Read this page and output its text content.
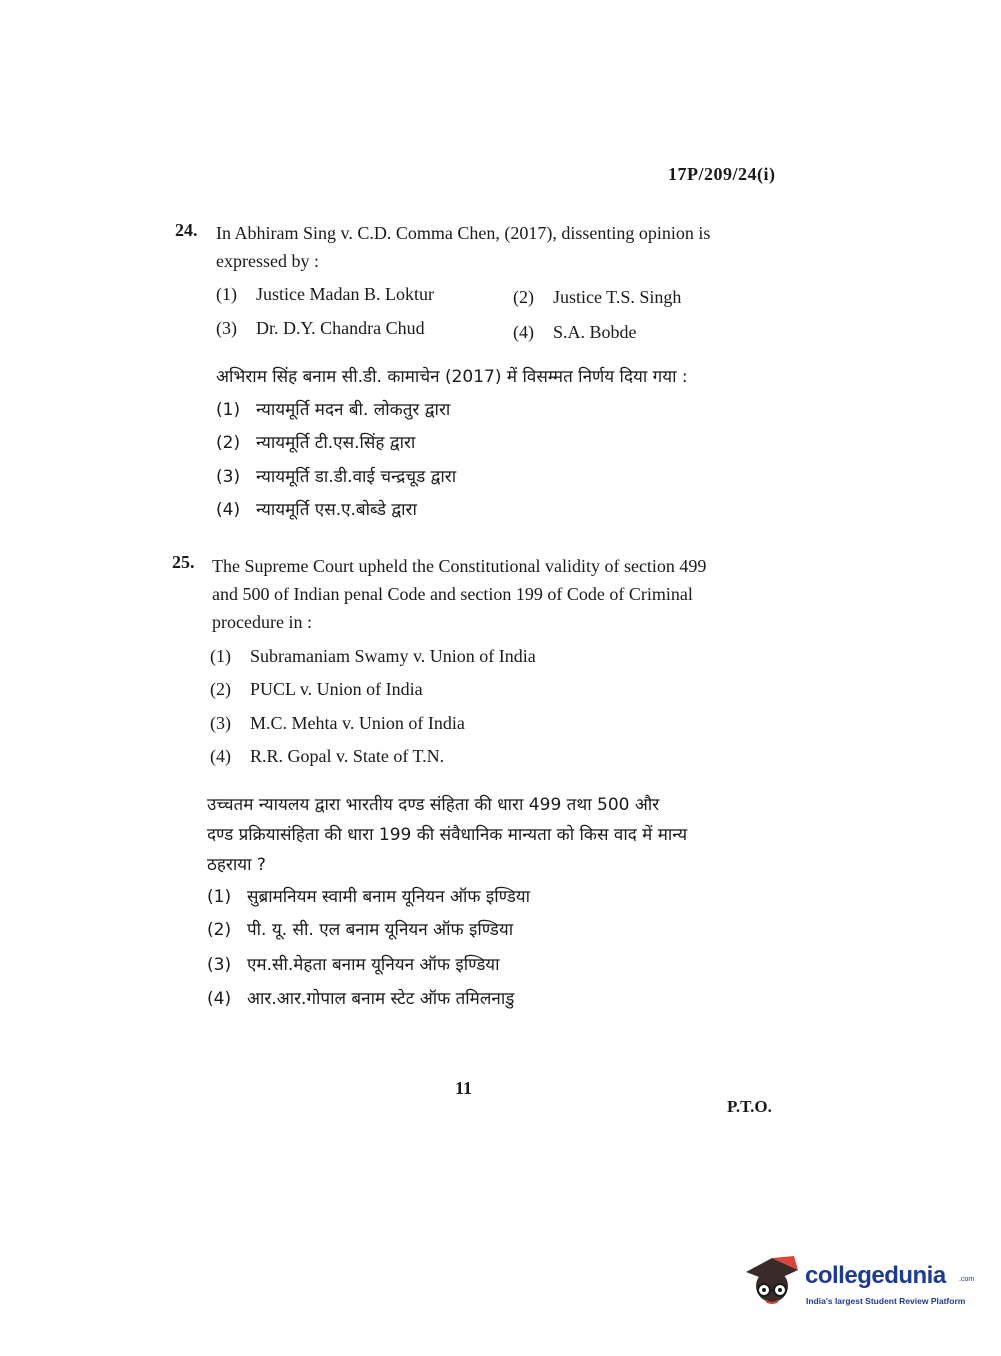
17P/209/24(i)
24. In Abhiram Sing v. C.D. Comma Chen, (2017), dissenting opinion is
expressed by :
(1) Justice Madan B. Loktur	(2) Justice T.S. Singh
(3) Dr. D.Y. Chandra Chud	(4) S.A. Bobde
अभिराम सिंह बनाम सी.डी. कामाचेन (2017) में विसम्मत निर्णय दिया गया :
(1) न्यायमूर्ति मदन बी. लोकतुर द्वारा
(2) न्यायमूर्ति टी.एस.सिंह द्वारा
(3) न्यायमूर्ति डा.डी.वाई चन्द्रचूड द्वारा
(4) न्यायमूर्ति एस.ए.बोब्डे द्वारा
25. The Supreme Court upheld the Constitutional validity of section 499
and 500 of Indian penal Code and section 199 of Code of Criminal
procedure in :
(1) Subramaniam Swamy v. Union of India
(2) PUCL v. Union of India
(3) M.C. Mehta v. Union of India
(4) R.R. Gopal v. State of T.N.
उच्चतम न्यायलय द्वारा भारतीय दण्ड संहिता की धारा 499 तथा 500 और
दण्ड प्रक्रियासंहिता की धारा 199 की संवैधानिक मान्यता को किस वाद में मान्य
ठहराया ?
(1) सुब्रामनियम स्वामी बनाम यूनियन ऑफ इण्डिया
(2) पी. यू. सी. एल बनाम यूनियन ऑफ इण्डिया
(3) एम.सी.मेहता बनाम यूनियन ऑफ इण्डिया
(4) आर.आर.गोपाल बनाम स्टेट ऑफ तमिलनाडु
11
P.T.O.
collegedunia .com
India's largest Student Review Platform
